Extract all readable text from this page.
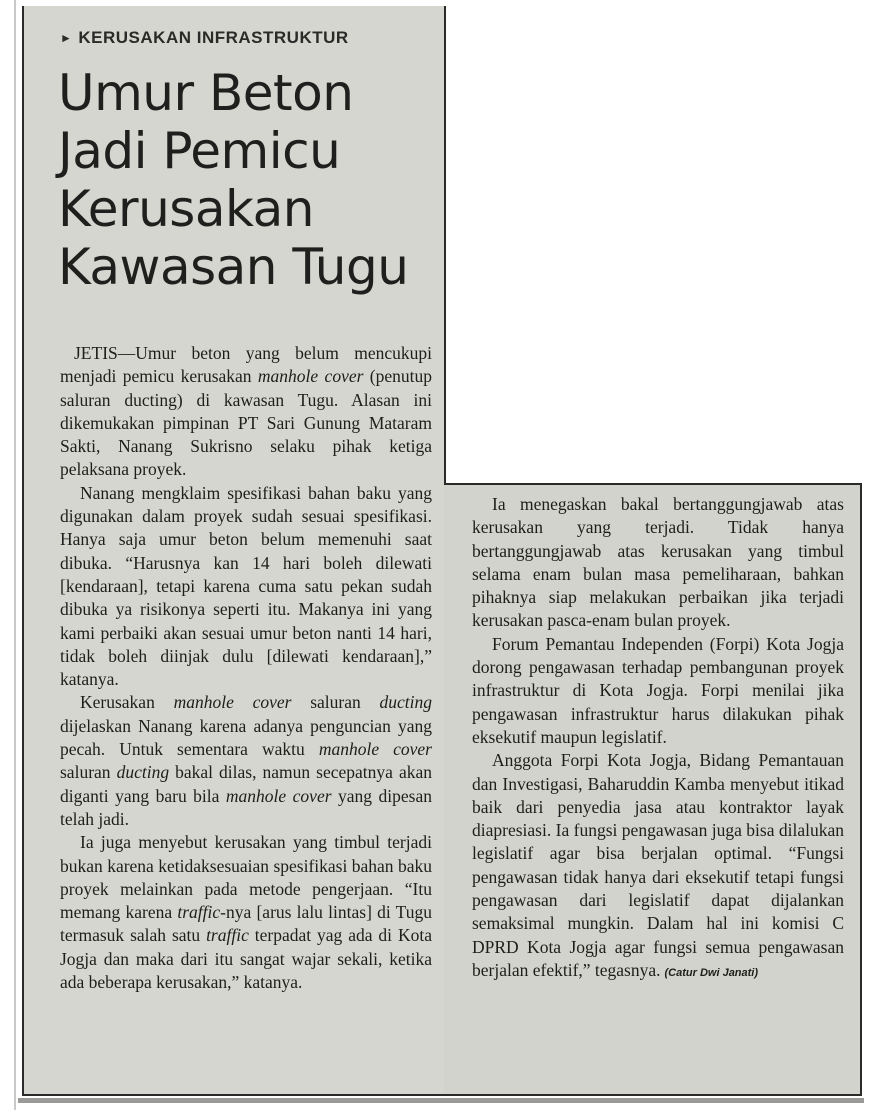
► KERUSAKAN INFRASTRUKTUR
Umur Beton
Jadi Pemicu
Kerusakan
Kawasan Tugu

JETIS—Umur beton yang belum mencukupi menjadi pemicu kerusakan manhole cover (penutup saluran ducting) di kawasan Tugu. Alasan ini dikemukakan pimpinan PT Sari Gunung Mataram Sakti, Nanang Sukrisno selaku pihak ketiga pelaksana proyek.

Nanang mengklaim spesifikasi bahan baku yang digunakan dalam proyek sudah sesuai spesifikasi. Hanya saja umur beton belum memenuhi saat dibuka. “Harusnya kan 14 hari boleh dilewati [kendaraan], tetapi karena cuma satu pekan sudah dibuka ya risikonya seperti itu. Makanya ini yang kami perbaiki akan sesuai umur beton nanti 14 hari, tidak boleh diinjak dulu [dilewati kendaraan],” katanya.

Kerusakan manhole cover saluran ducting dijelaskan Nanang karena adanya penguncian yang pecah. Untuk sementara waktu manhole cover saluran ducting bakal dilas, namun secepatnya akan diganti yang baru bila manhole cover yang dipesan telah jadi.

Ia juga menyebut kerusakan yang timbul terjadi bukan karena ketidaksesuaian spesifikasi bahan baku proyek melainkan pada metode pengerjaan. “Itu memang karena traffic-nya [arus lalu lintas] di Tugu termasuk salah satu traffic terpadat yag ada di Kota Jogja dan maka dari itu sangat wajar sekali, ketika ada beberapa kerusakan,” katanya.

Ia menegaskan bakal bertanggungjawab atas kerusakan yang terjadi. Tidak hanya bertanggungjawab atas kerusakan yang timbul selama enam bulan masa pemeliharaan, bahkan pihaknya siap melakukan perbaikan jika terjadi kerusakan pasca-enam bulan proyek.

Forum Pemantau Independen (Forpi) Kota Jogja dorong pengawasan terhadap pembangunan proyek infrastruktur di Kota Jogja. Forpi menilai jika pengawasan infrastruktur harus dilakukan pihak eksekutif maupun legislatif.

Anggota Forpi Kota Jogja, Bidang Pemantauan dan Investigasi, Baharuddin Kamba menyebut itikad baik dari penyedia jasa atau kontraktor layak diapresiasi. Ia fungsi pengawasan juga bisa dilalukan legislatif agar bisa berjalan optimal. “Fungsi pengawasan tidak hanya dari eksekutif tetapi fungsi pengawasan dari legislatif dapat dijalankan semaksimal mungkin. Dalam hal ini komisi C DPRD Kota Jogja agar fungsi semua pengawasan berjalan efektif,” tegasnya. (Catur Dwi Janati)
